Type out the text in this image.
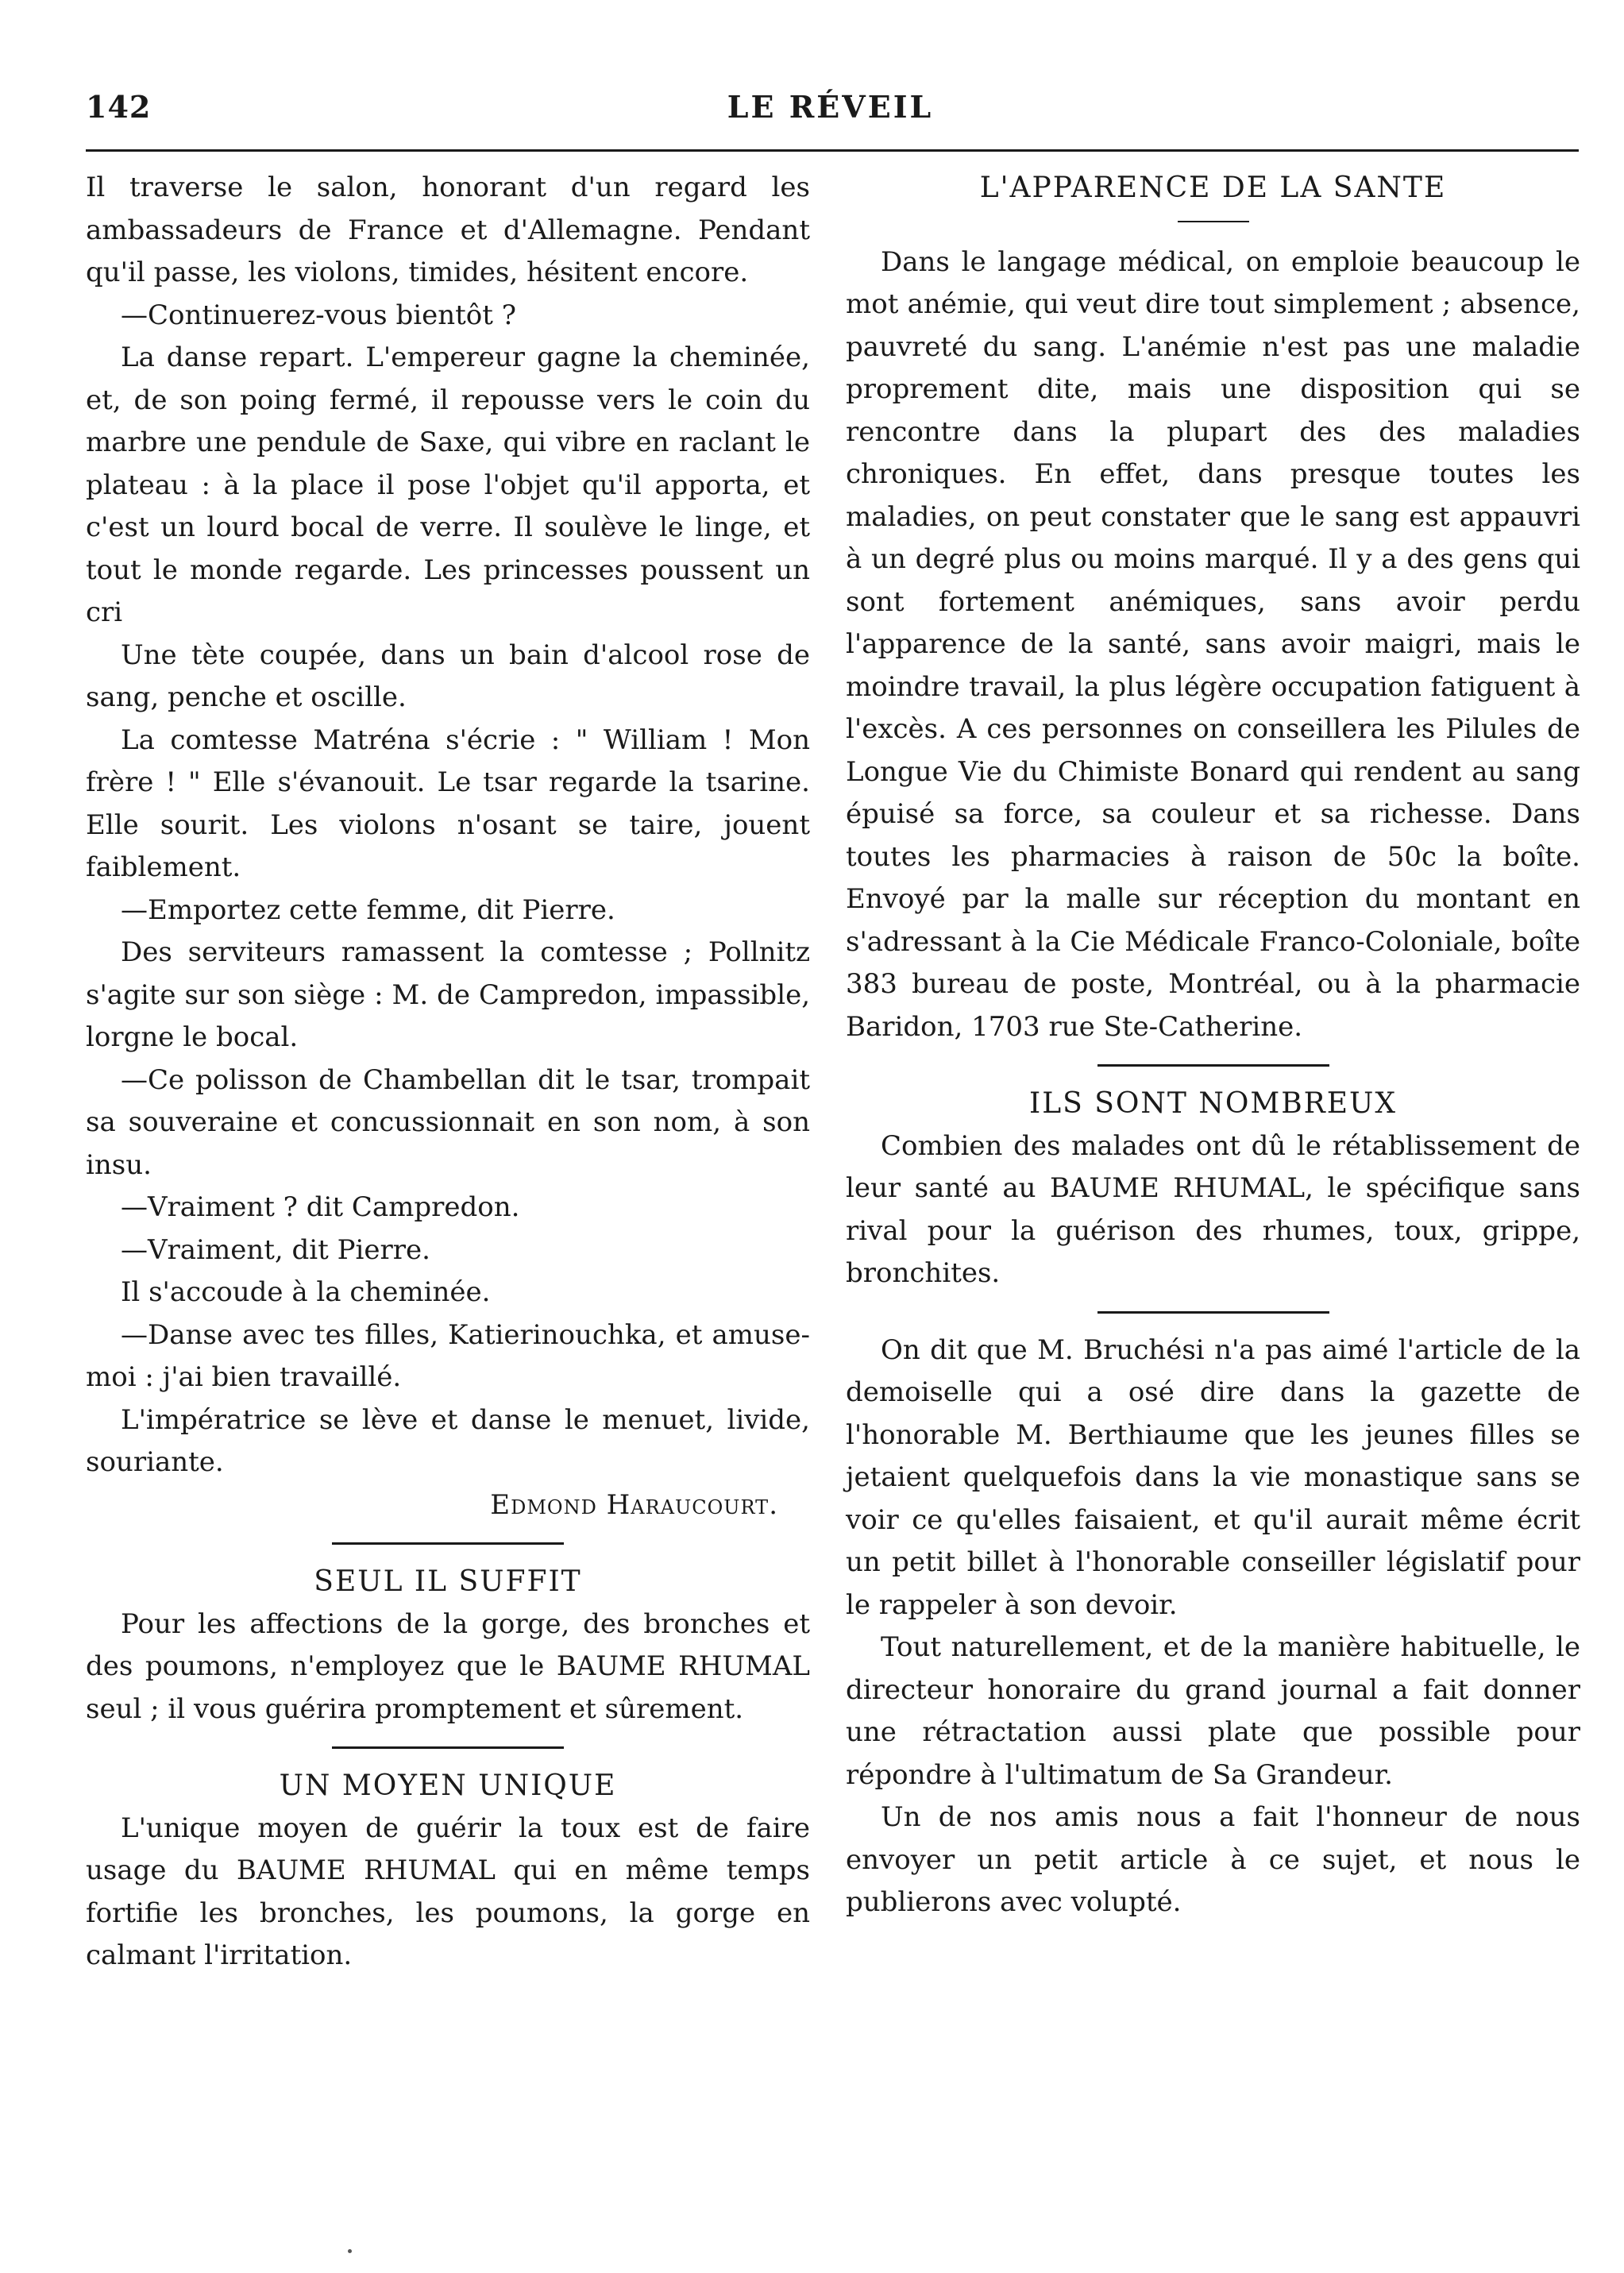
142	LE RÉVEIL

Il traverse le salon, honorant d'un regard les ambassadeurs de France et d'Allemagne. Pendant qu'il passe, les violons, timides, hésitent encore.

—Continuerez-vous bientôt ?

La danse repart. L'empereur gagne la cheminée, et, de son poing fermé, il repousse vers le coin du marbre une pendule de Saxe, qui vibre en raclant le plateau : à la place il pose l'objet qu'il apporta, et c'est un lourd bocal de verre. Il soulève le linge, et tout le monde regarde. Les princesses poussent un cri

Une tète coupée, dans un bain d'alcool rose de sang, penche et oscille.

La comtesse Matréna s'écrie : " William ! Mon frère ! " Elle s'évanouit. Le tsar regarde la tsarine. Elle sourit. Les violons n'osant se taire, jouent faiblement.

—Emportez cette femme, dit Pierre.

Des serviteurs ramassent la comtesse ; Pollnitz s'agite sur son siège : M. de Campredon, impassible, lorgne le bocal.

—Ce polisson de Chambellan dit le tsar, trompait sa souveraine et concussionnait en son nom, à son insu.

—Vraiment ? dit Campredon.

—Vraiment, dit Pierre.

Il s'accoude à la cheminée.

—Danse avec tes filles, Katierinouchka, et amuse-moi : j'ai bien travaillé.

L'impératrice se lève et danse le menuet, livide, souriante.

Edmond Haraucourt.

SEUL IL SUFFIT

Pour les affections de la gorge, des bronches et des poumons, n'employez que le BAUME RHUMAL seul ; il vous guérira promptement et sûrement.

UN MOYEN UNIQUE

L'unique moyen de guérir la toux est de faire usage du BAUME RHUMAL qui en même temps fortifie les bronches, les poumons, la gorge en calmant l'irritation.

L'APPARENCE DE LA SANTE

Dans le langage médical, on emploie beaucoup le mot anémie, qui veut dire tout simplement ; absence, pauvreté du sang. L'anémie n'est pas une maladie proprement dite, mais une disposition qui se rencontre dans la plupart des des maladies chroniques. En effet, dans presque toutes les maladies, on peut constater que le sang est appauvri à un degré plus ou moins marqué. Il y a des gens qui sont fortement anémiques, sans avoir perdu l'apparence de la santé, sans avoir maigri, mais le moindre travail, la plus légère occupation fatiguent à l'excès. A ces personnes on conseillera les Pilules de Longue Vie du Chimiste Bonard qui rendent au sang épuisé sa force, sa couleur et sa richesse. Dans toutes les pharmacies à raison de 50c la boîte. Envoyé par la malle sur réception du montant en s'adressant à la Cie Médicale Franco-Coloniale, boîte 383 bureau de poste, Montréal, ou à la pharmacie Baridon, 1703 rue Ste-Catherine.

ILS SONT NOMBREUX

Combien des malades ont dû le rétablissement de leur santé au BAUME RHUMAL, le spécifique sans rival pour la guérison des rhumes, toux, grippe, bronchites.

On dit que M. Bruchési n'a pas aimé l'article de la demoiselle qui a osé dire dans la gazette de l'honorable M. Berthiaume que les jeunes filles se jetaient quelquefois dans la vie monastique sans se voir ce qu'elles faisaient, et qu'il aurait même écrit un petit billet à l'honorable conseiller législatif pour le rappeler à son devoir.

Tout naturellement, et de la manière habituelle, le directeur honoraire du grand journal a fait donner une rétractation aussi plate que possible pour répondre à l'ultimatum de Sa Grandeur.

Un de nos amis nous a fait l'honneur de nous envoyer un petit article à ce sujet, et nous le publierons avec volupté.
